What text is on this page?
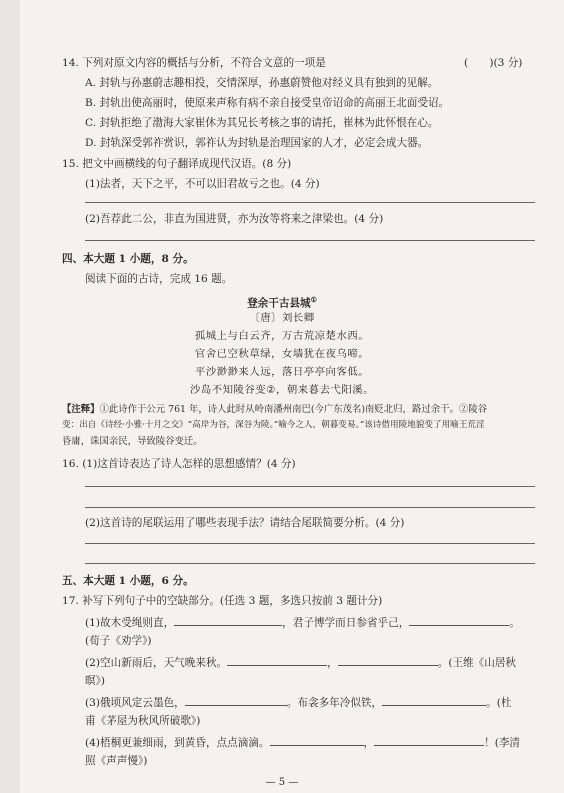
14. 下列对原文内容的概括与分析，不符合文意的一项是	(　　)(3 分)
A. 封轨与孙惠蔚志趣相投，交情深厚，孙惠蔚赞他对经义具有独到的见解。
B. 封轨出使高丽时，使原来声称有病不亲自接受皇帝诏命的高丽王北面受诏。
C. 封轨拒绝了渤海大家崔休为其兄长考核之事的请托，崔林为此怀恨在心。
D. 封轨深受郭祚赏识，郭祚认为封轨是治理国家的人才，必定会成大器。
15. 把文中画横线的句子翻译成现代汉语。(8 分)
(1)法者，天下之平，不可以旧君故亏之也。(4 分)
(2)吾荐此二公，非直为国进贤，亦为汝等将来之津梁也。(4 分)
四、本大题 1 小题，8 分。
阅读下面的古诗，完成 16 题。
登余干古县城①
〔唐〕刘长卿
孤城上与白云齐，万古荒凉楚水西。
官舍已空秋草绿，女墙犹在夜乌啼。
平沙渺渺来人远，落日亭亭向客低。
沙岛不知陵谷变②，朝来暮去弋阳溪。
【注释】①此诗作于公元 761 年，诗人此时从岭南潘州南巴(今广东茂名)南贬北归，路过余干。②陵谷
变：出自《诗经·小雅·十月之交》“高岸为谷，深谷为陵。”喻今之人，朝暮变易。”该诗借用陵地貌变了用喻王荒淫
昏庸，诛国亲民，导致陵谷变迁。
16. (1)这首诗表达了诗人怎样的思想感情？(4 分)
(2)这首诗的尾联运用了哪些表现手法？请结合尾联简要分析。(4 分)
五、本大题 1 小题，6 分。
17. 补写下列句子中的空缺部分。(任选 3 题，多选只按前 3 题计分)
(1)故木受绳则直，	，君子博学而日参省乎己，	。
(荀子《劝学》)
(2)空山新雨后，天气晚来秋。	，	。(王维《山居秋
暝》)
(3)俄顷风定云墨色，	。布衾多年冷似铁，	。(杜
甫《茅屋为秋风所破歌》)
(4)梧桐更兼细雨，到黄昏，点点滴滴。	，	！(李清
照《声声慢》)
— 5 —
